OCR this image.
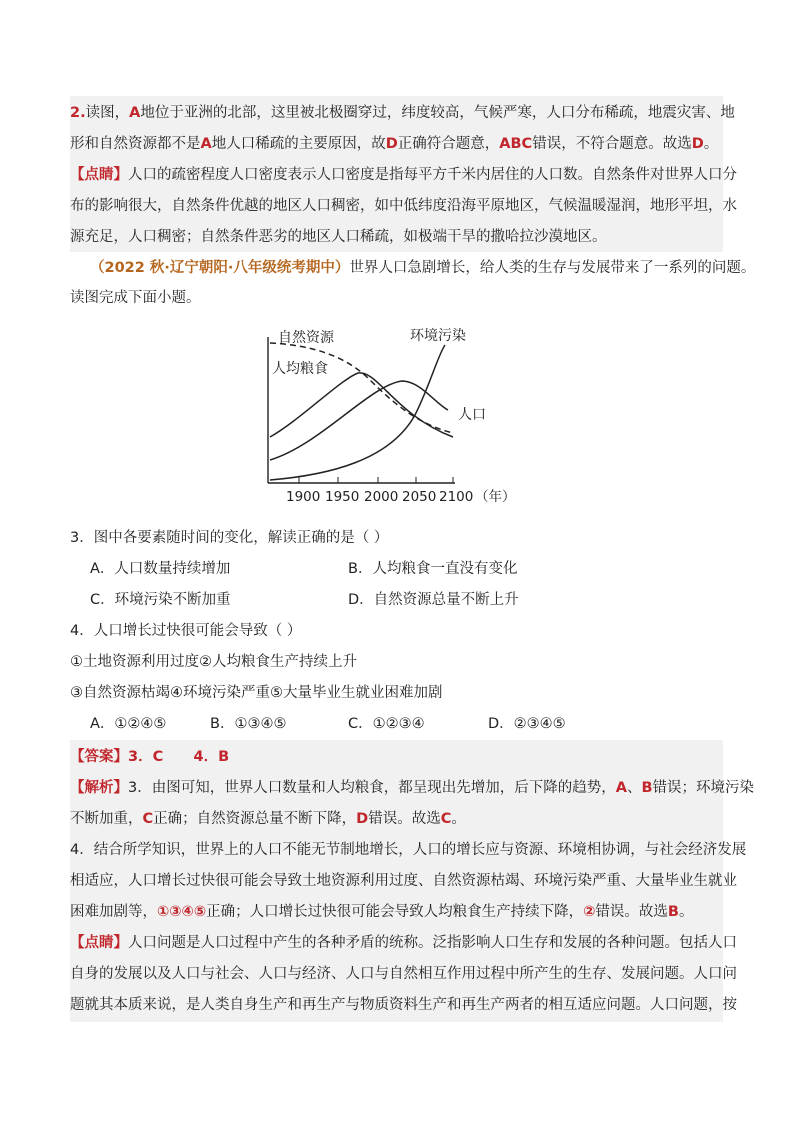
2.读图，A地位于亚洲的北部，这里被北极圈穿过，纬度较高，气候严寒，人口分布稀疏，地震灾害、地
形和自然资源都不是A地人口稀疏的主要原因，故D正确符合题意，ABC错误，不符合题意。故选D。
【点睛】人口的疏密程度人口密度表示人口密度是指每平方千米内居住的人口数。自然条件对世界人口分
布的影响很大，自然条件优越的地区人口稠密，如中低纬度沿海平原地区，气候温暖湿润，地形平坦，水
源充足，人口稠密；自然条件恶劣的地区人口稀疏，如极端干旱的撒哈拉沙漠地区。
（2022 秋·辽宁朝阳·八年级统考期中）世界人口急剧增长，给人类的生存与发展带来了一系列的问题。
读图完成下面小题。
自然资源	环境污染
人均粮食
人口
1900 1950 2000 2050 2100 （年）
3．图中各要素随时间的变化，解读正确的是（ ）
A．人口数量持续增加	B．人均粮食一直没有变化
C．环境污染不断加重	D．自然资源总量不断上升
4．人口增长过快很可能会导致（ ）
①土地资源利用过度②人均粮食生产持续上升
③自然资源枯竭④环境污染严重⑤大量毕业生就业困难加剧
A．①②④⑤	B．①③④⑤	C．①②③④	D．②③④⑤
【答案】3．C      4．B
【解析】3．由图可知，世界人口数量和人均粮食，都呈现出先增加，后下降的趋势，A、B错误；环境污染
不断加重，C正确；自然资源总量不断下降，D错误。故选C。
4．结合所学知识，世界上的人口不能无节制地增长，人口的增长应与资源、环境相协调，与社会经济发展
相适应，人口增长过快很可能会导致土地资源利用过度、自然资源枯竭、环境污染严重、大量毕业生就业
困难加剧等，①③④⑤正确；人口增长过快很可能会导致人均粮食生产持续下降，②错误。故选B。
【点睛】人口问题是人口过程中产生的各种矛盾的统称。泛指影响人口生存和发展的各种问题。包括人口
自身的发展以及人口与社会、人口与经济、人口与自然相互作用过程中所产生的生存、发展问题。人口问
题就其本质来说，是人类自身生产和再生产与物质资料生产和再生产两者的相互适应问题。人口问题，按
